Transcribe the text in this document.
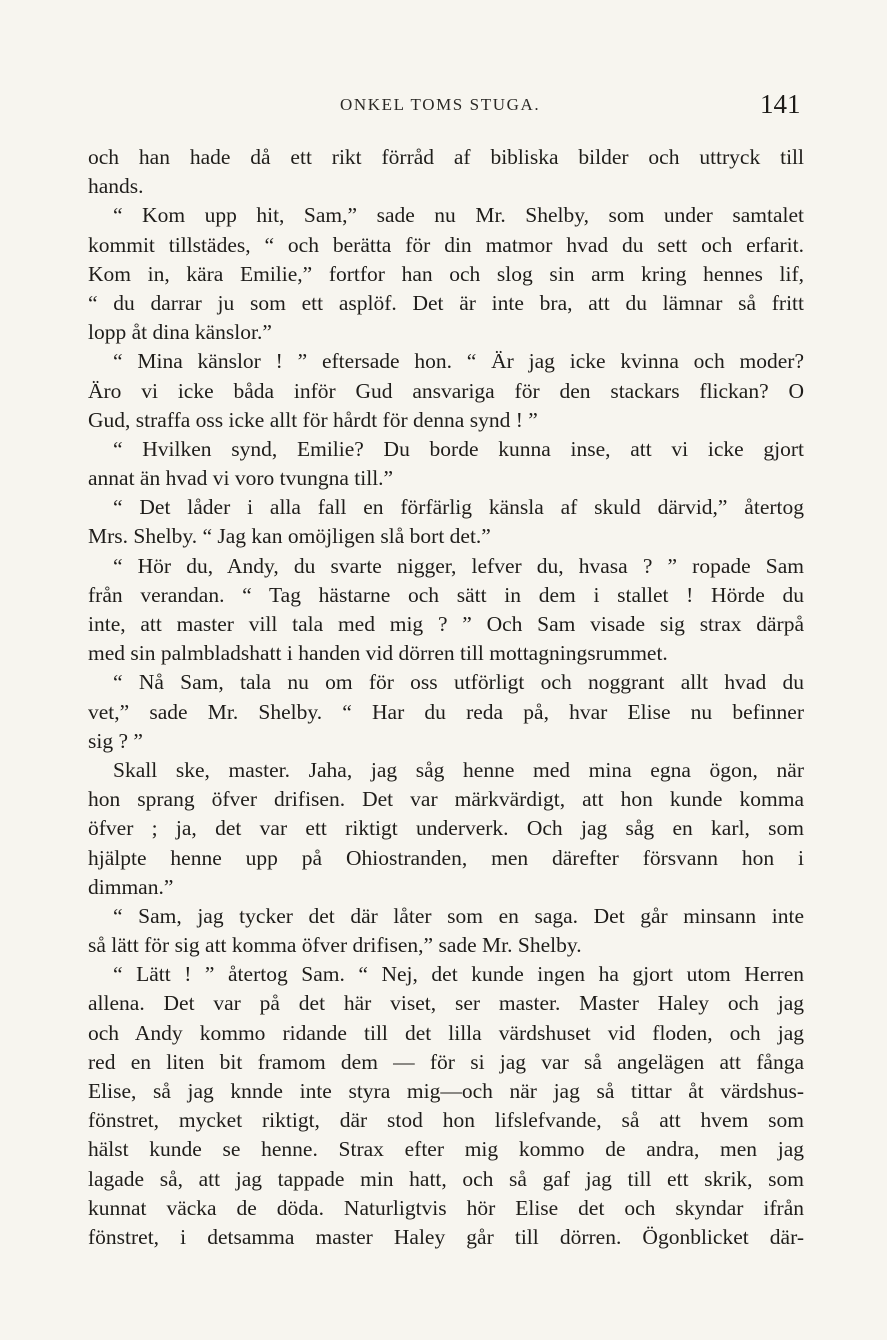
ONKEL TOMS STUGA.	141
och han hade då ett rikt förråd af bibliska bilder och uttryck till
hands.
“ Kom upp hit, Sam,” sade nu Mr. Shelby, som under samtalet
kommit tillstädes, “ och berätta för din matmor hvad du sett och erfarit.
Kom in, kära Emilie,” fortfor han och slog sin arm kring hennes lif,
“ du darrar ju som ett asplöf. Det är inte bra, att du lämnar så fritt
lopp åt dina känslor.”
“ Mina känslor ! ” eftersade hon. “ Är jag icke kvinna och moder?
Äro vi icke båda inför Gud ansvariga för den stackars flickan? O
Gud, straffa oss icke allt för hårdt för denna synd ! ”
“ Hvilken synd, Emilie? Du borde kunna inse, att vi icke gjort
annat än hvad vi voro tvungna till.”
“ Det låder i alla fall en förfärlig känsla af skuld därvid,” återtog
Mrs. Shelby. “ Jag kan omöjligen slå bort det.”
“ Hör du, Andy, du svarte nigger, lefver du, hvasa ? ” ropade Sam
från verandan. “ Tag hästarne och sätt in dem i stallet ! Hörde du
inte, att master vill tala med mig ? ” Och Sam visade sig strax därpå
med sin palmbladshatt i handen vid dörren till mottagningsrummet.
“ Nå Sam, tala nu om för oss utförligt och noggrant allt hvad du
vet,” sade Mr. Shelby. “ Har du reda på, hvar Elise nu befinner
sig ? ”
Skall ske, master. Jaha, jag såg henne med mina egna ögon, när
hon sprang öfver drifisen. Det var märkvärdigt, att hon kunde komma
öfver ; ja, det var ett riktigt underverk. Och jag såg en karl, som
hjälpte henne upp på Ohiostranden, men därefter försvann hon i
dimman.”
“ Sam, jag tycker det där låter som en saga. Det går minsann inte
så lätt för sig att komma öfver drifisen,” sade Mr. Shelby.
“ Lätt ! ” återtog Sam. “ Nej, det kunde ingen ha gjort utom Herren
allena. Det var på det här viset, ser master. Master Haley och jag
och Andy kommo ridande till det lilla värdshuset vid floden, och jag
red en liten bit framom dem — för si jag var så angelägen att fånga
Elise, så jag knnde inte styra mig—och när jag så tittar åt värdshus-
fönstret, mycket riktigt, där stod hon lifslefvande, så att hvem som
hälst kunde se henne. Strax efter mig kommo de andra, men jag
lagade så, att jag tappade min hatt, och så gaf jag till ett skrik, som
kunnat väcka de döda. Naturligtvis hör Elise det och skyndar ifrån
fönstret, i detsamma master Haley går till dörren. Ögonblicket där-
